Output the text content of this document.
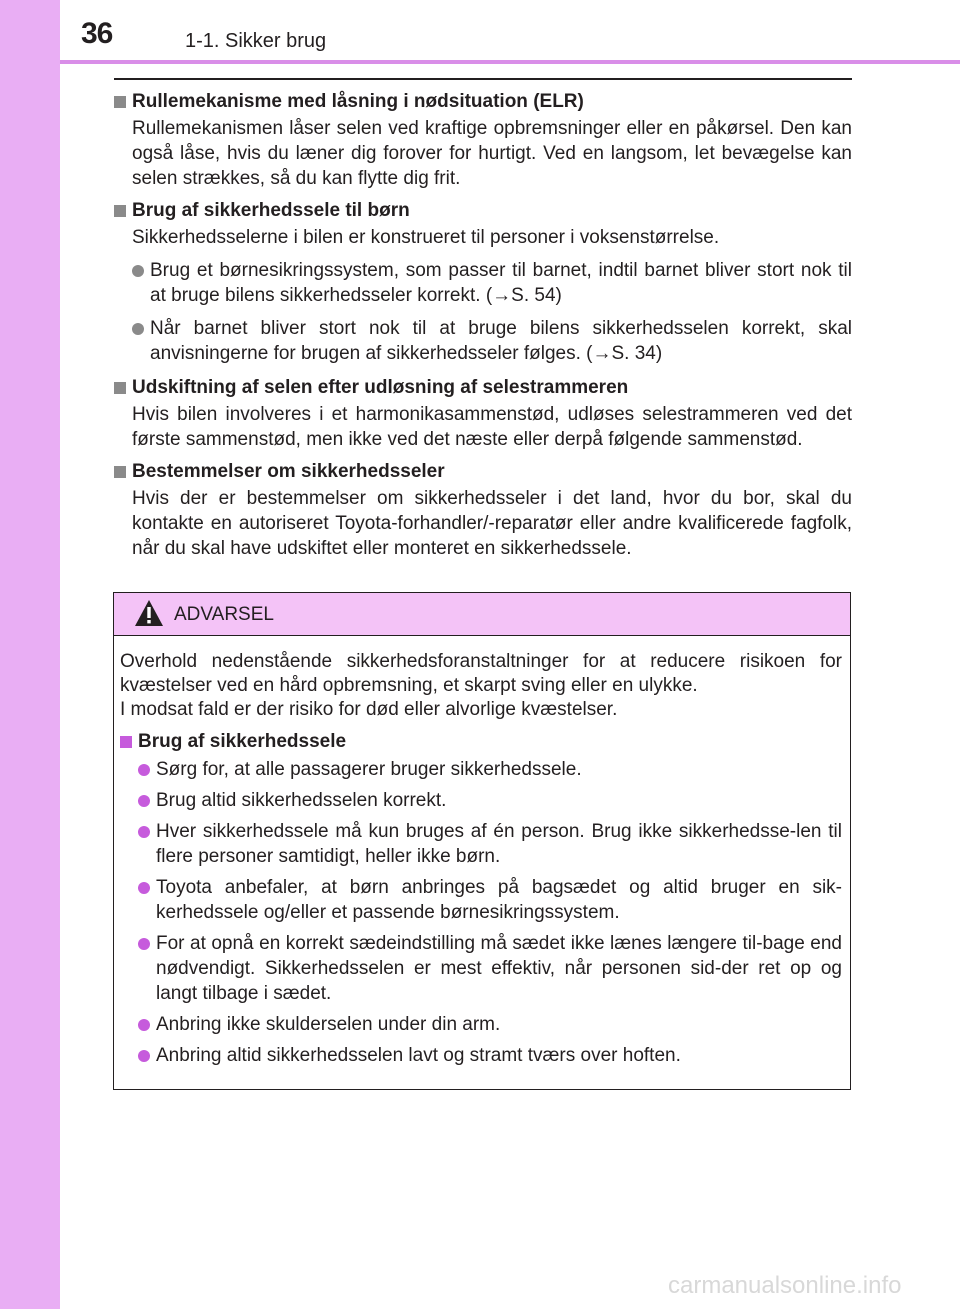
36	1-1. Sikker brug
Rullemekanisme med låsning i nødsituation (ELR)
Rullemekanismen låser selen ved kraftige opbremsninger eller en påkørsel. Den kan også låse, hvis du læner dig forover for hurtigt. Ved en langsom, let bevægelse kan selen strækkes, så du kan flytte dig frit.
Brug af sikkerhedssele til børn
Sikkerhedsselerne i bilen er konstrueret til personer i voksenstørrelse.
Brug et børnesikringssystem, som passer til barnet, indtil barnet bliver stort nok til at bruge bilens sikkerhedsseler korrekt. (→S. 54)
Når barnet bliver stort nok til at bruge bilens sikkerhedsselen korrekt, skal anvisningerne for brugen af sikkerhedsseler følges. (→S. 34)
Udskiftning af selen efter udløsning af selestrammeren
Hvis bilen involveres i et harmonikasammenstød, udløses selestrammeren ved det første sammenstød, men ikke ved det næste eller derpå følgende sammenstød.
Bestemmelser om sikkerhedsseler
Hvis der er bestemmelser om sikkerhedsseler i det land, hvor du bor, skal du kontakte en autoriseret Toyota-forhandler/-reparatør eller andre kvalificerede fagfolk, når du skal have udskiftet eller monteret en sikkerhedssele.
ADVARSEL
Overhold nedenstående sikkerhedsforanstaltninger for at reducere risikoen for kvæstelser ved en hård opbremsning, et skarpt sving eller en ulykke.
I modsat fald er der risiko for død eller alvorlige kvæstelser.
Brug af sikkerhedssele
Sørg for, at alle passagerer bruger sikkerhedssele.
Brug altid sikkerhedsselen korrekt.
Hver sikkerhedssele må kun bruges af én person. Brug ikke sikkerhedsse-len til flere personer samtidigt, heller ikke børn.
Toyota anbefaler, at børn anbringes på bagsædet og altid bruger en sik-kerhedssele og/eller et passende børnesikringssystem.
For at opnå en korrekt sædeindstilling må sædet ikke lænes længere til-bage end nødvendigt. Sikkerhedsselen er mest effektiv, når personen sid-der ret op og langt tilbage i sædet.
Anbring ikke skulderselen under din arm.
Anbring altid sikkerhedsselen lavt og stramt tværs over hoften.
carmanualsonline.info
